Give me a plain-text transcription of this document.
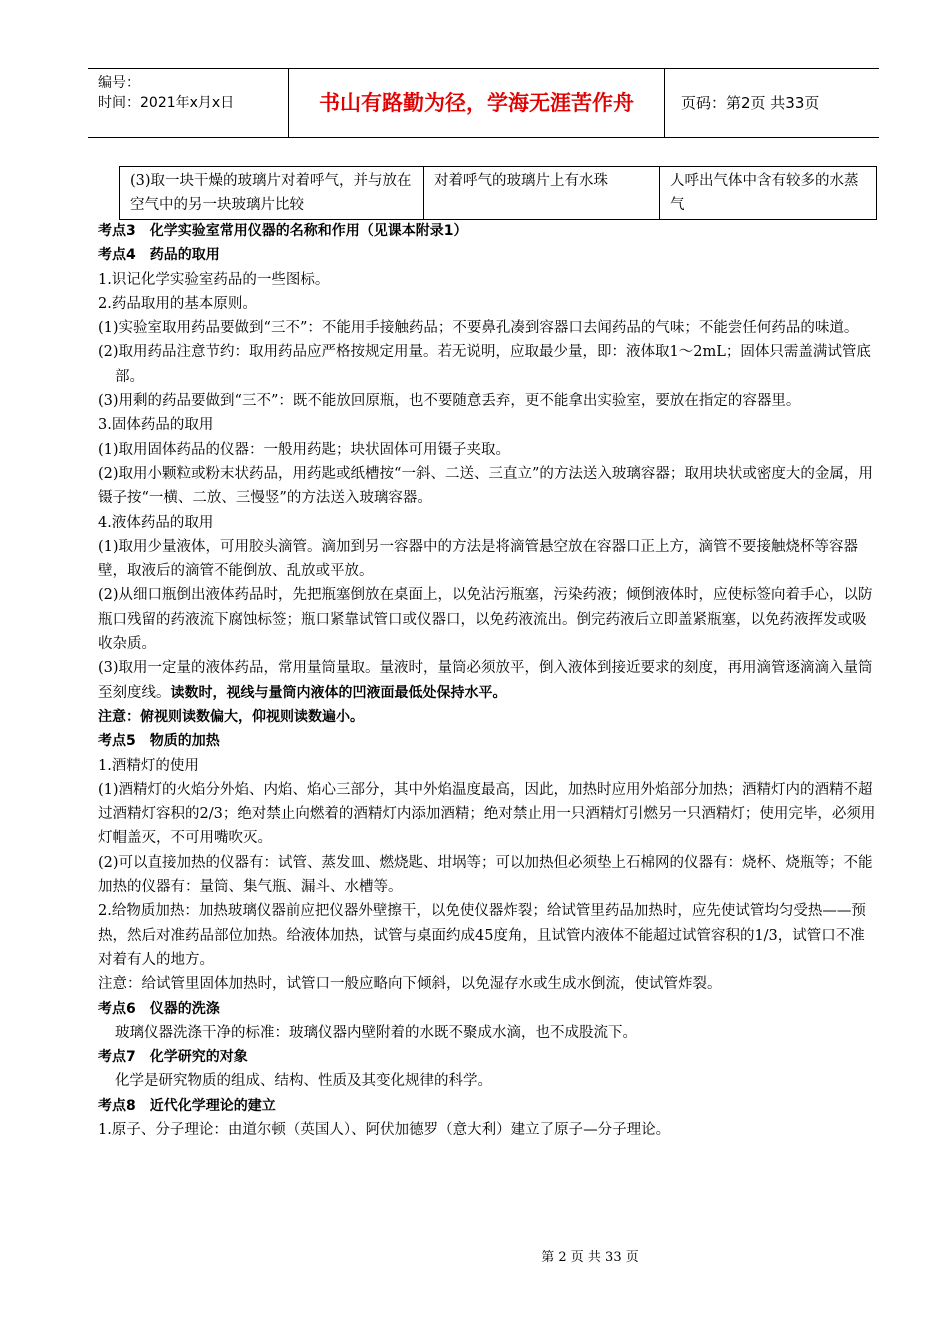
编号：
时间：2021年x月x日	书山有路勤为径，学海无涯苦作舟	页码：第2页 共33页
(3)取一块干燥的玻璃片对着呼气，并与放在空气中的另一块玻璃片比较	对着呼气的玻璃片上有水珠	人呼出气体中含有较多的水蒸气

考点3　化学实验室常用仪器的名称和作用（见课本附录1）

考点4　药品的取用

1.识记化学实验室药品的一些图标。

2.药品取用的基本原则。

(1)实验室取用药品要做到“三不”：不能用手接触药品；不要鼻孔凑到容器口去闻药品的气味；不能尝任何药品的味道。

(2)取用药品注意节约：取用药品应严格按规定用量。若无说明，应取最少量，即：液体取1～2mL；固体只需盖满试管底部。

(3)用剩的药品要做到“三不”：既不能放回原瓶，也不要随意丢弃，更不能拿出实验室，要放在指定的容器里。

3.固体药品的取用

(1)取用固体药品的仪器：一般用药匙；块状固体可用镊子夹取。

(2)取用小颗粒或粉末状药品，用药匙或纸槽按“一斜、二送、三直立”的方法送入玻璃容器；取用块状或密度大的金属，用镊子按“一横、二放、三慢竖”的方法送入玻璃容器。

4.液体药品的取用

(1)取用少量液体，可用胶头滴管。滴加到另一容器中的方法是将滴管悬空放在容器口正上方，滴管不要接触烧杯等容器壁，取液后的滴管不能倒放、乱放或平放。

(2)从细口瓶倒出液体药品时，先把瓶塞倒放在桌面上，以免沾污瓶塞，污染药液；倾倒液体时，应使标签向着手心，以防瓶口残留的药液流下腐蚀标签；瓶口紧靠试管口或仪器口，以免药液流出。倒完药液后立即盖紧瓶塞，以免药液挥发或吸收杂质。

(3)取用一定量的液体药品，常用量筒量取。量液时，量筒必须放平，倒入液体到接近要求的刻度，再用滴管逐滴滴入量筒至刻度线。读数时，视线与量筒内液体的凹液面最低处保持水平。

注意：俯视则读数偏大，仰视则读数遍小。

考点5　物质的加热

1.酒精灯的使用

(1)酒精灯的火焰分外焰、内焰、焰心三部分，其中外焰温度最高，因此，加热时应用外焰部分加热；酒精灯内的酒精不超过酒精灯容积的2/3；绝对禁止向燃着的酒精灯内添加酒精；绝对禁止用一只酒精灯引燃另一只酒精灯；使用完毕，必须用灯帽盖灭，不可用嘴吹灭。

(2)可以直接加热的仪器有：试管、蒸发皿、燃烧匙、坩埚等；可以加热但必须垫上石棉网的仪器有：烧杯、烧瓶等；不能加热的仪器有：量筒、集气瓶、漏斗、水槽等。

2.给物质加热：加热玻璃仪器前应把仪器外壁擦干，以免使仪器炸裂；给试管里药品加热时，应先使试管均匀受热——预热，然后对准药品部位加热。给液体加热，试管与桌面约成45度角，且试管内液体不能超过试管容积的1/3，试管口不准对着有人的地方。

注意：给试管里固体加热时，试管口一般应略向下倾斜，以免湿存水或生成水倒流，使试管炸裂。

考点6　仪器的洗涤

玻璃仪器洗涤干净的标准：玻璃仪器内壁附着的水既不聚成水滴，也不成股流下。

考点7　化学研究的对象

化学是研究物质的组成、结构、性质及其变化规律的科学。

考点8　近代化学理论的建立

1.原子、分子理论：由道尔顿（英国人）、阿伏加德罗（意大利）建立了原子—分子理论。

第 2 页 共 33 页
